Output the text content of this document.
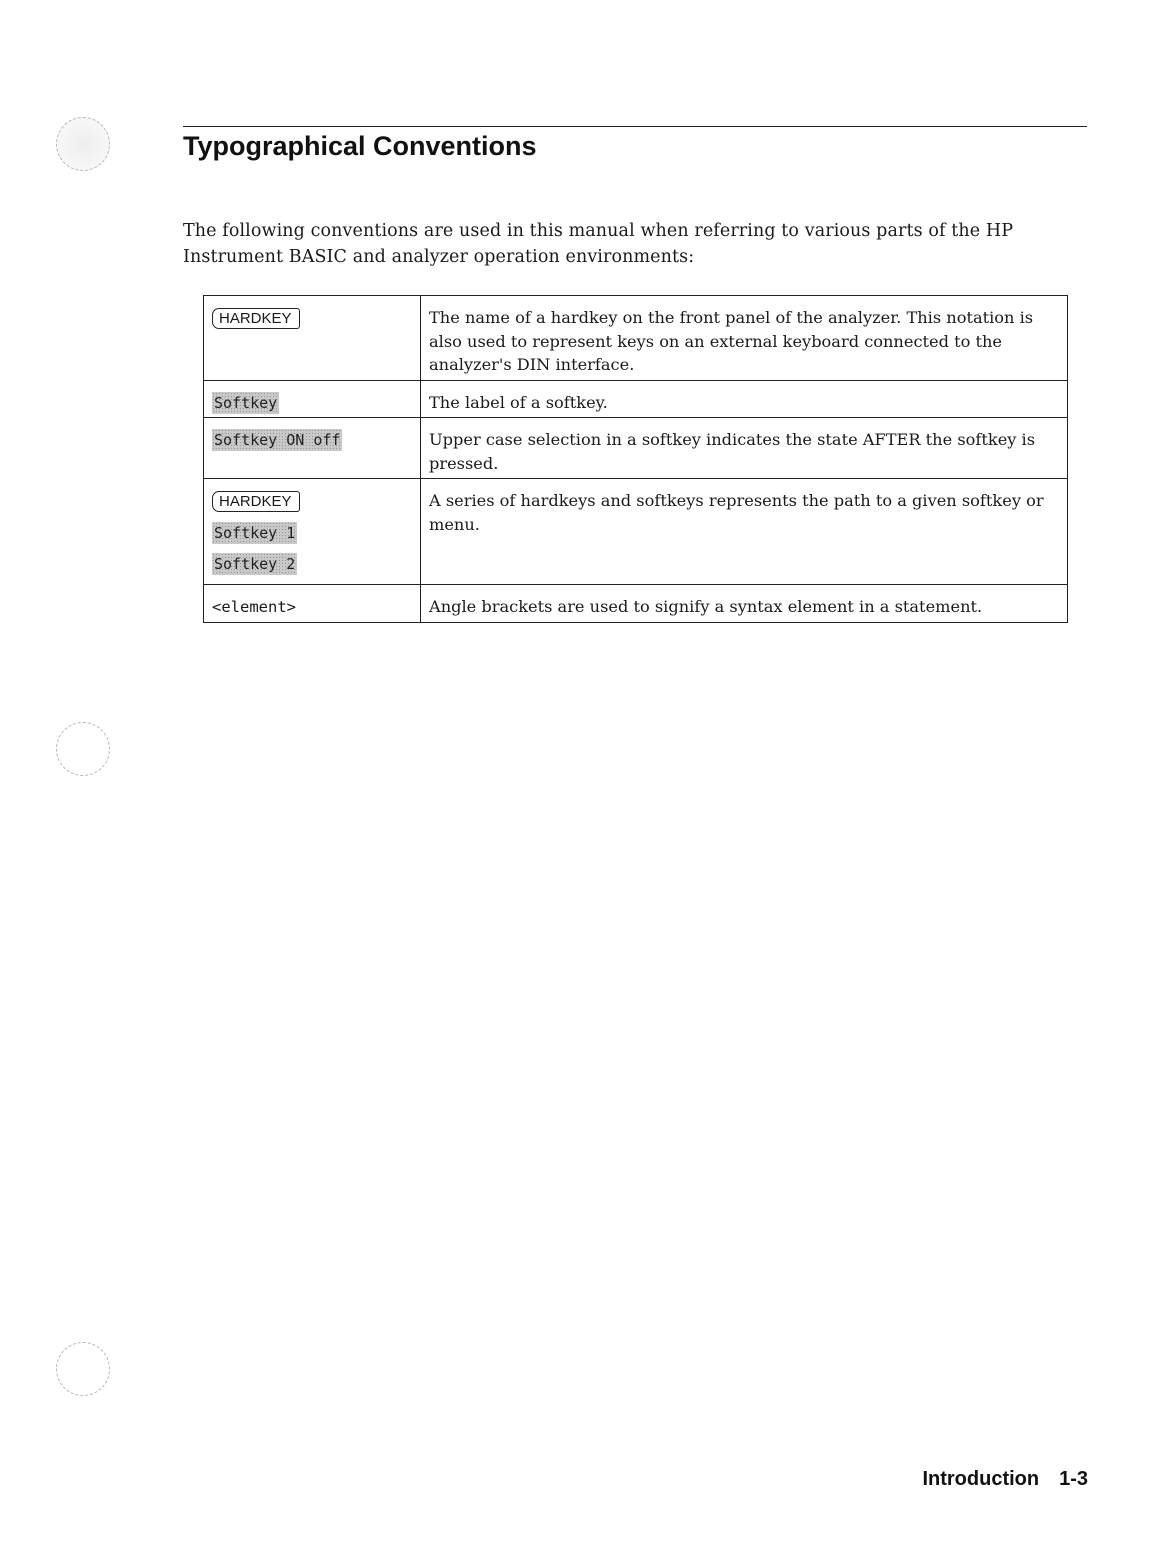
Typographical Conventions

The following conventions are used in this manual when referring to various parts of the HP Instrument BASIC and analyzer operation environments:

HARDKEY	The name of a hardkey on the front panel of the analyzer. This notation is also used to represent keys on an external keyboard connected to the analyzer's DIN interface.
Softkey	The label of a softkey.
Softkey ON off	Upper case selection in a softkey indicates the state AFTER the softkey is pressed.

HARDKEY
Softkey 1
Softkey 2	A series of hardkeys and softkeys represents the path to a given softkey or menu.
<element>	Angle brackets are used to signify a syntax element in a statement.
Introduction 1-3
